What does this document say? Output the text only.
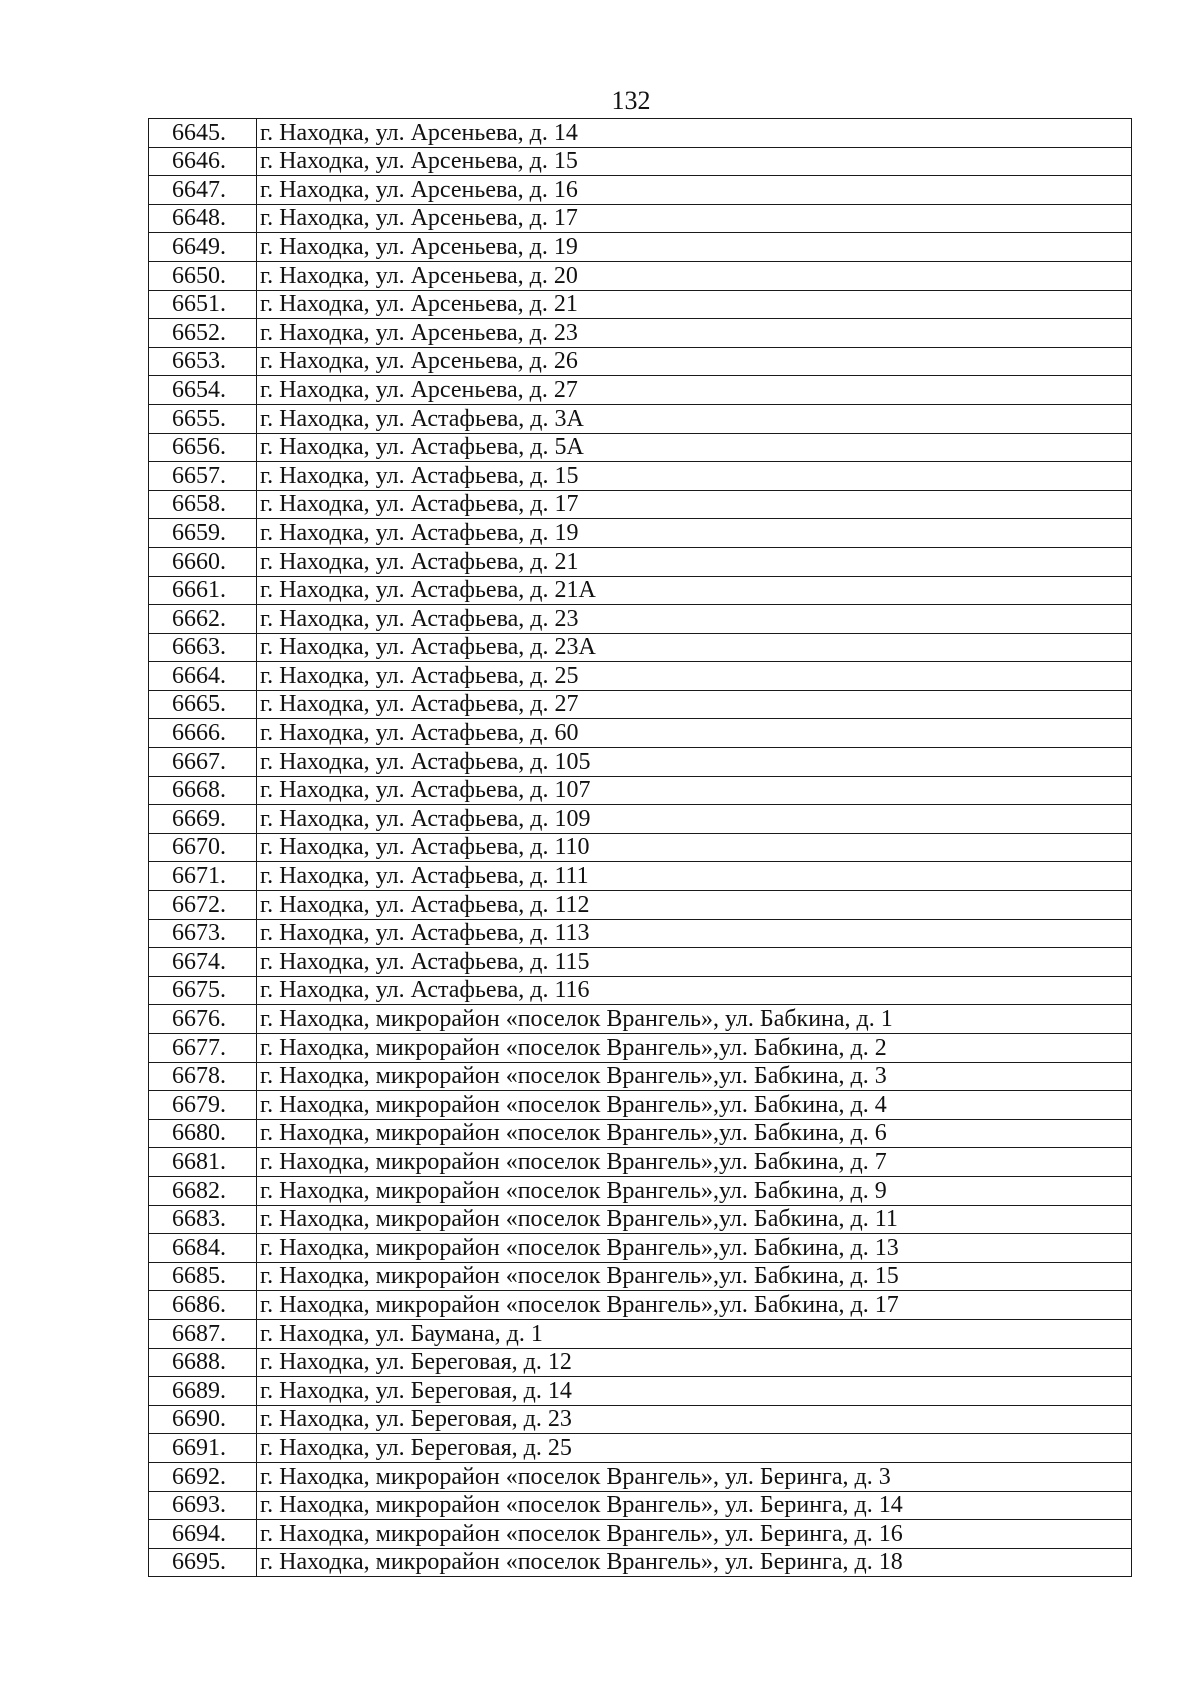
132
6645.	г. Находка, ул. Арсеньева, д. 14
6646.	г. Находка, ул. Арсеньева, д. 15
6647.	г. Находка, ул. Арсеньева, д. 16
6648.	г. Находка, ул. Арсеньева, д. 17
6649.	г. Находка, ул. Арсеньева, д. 19
6650.	г. Находка, ул. Арсеньева, д. 20
6651.	г. Находка, ул. Арсеньева, д. 21
6652.	г. Находка, ул. Арсеньева, д. 23
6653.	г. Находка, ул. Арсеньева, д. 26
6654.	г. Находка, ул. Арсеньева, д. 27
6655.	г. Находка, ул. Астафьева, д. 3А
6656.	г. Находка, ул. Астафьева, д. 5А
6657.	г. Находка, ул. Астафьева, д. 15
6658.	г. Находка, ул. Астафьева, д. 17
6659.	г. Находка, ул. Астафьева, д. 19
6660.	г. Находка, ул. Астафьева, д. 21
6661.	г. Находка, ул. Астафьева, д. 21А
6662.	г. Находка, ул. Астафьева, д. 23
6663.	г. Находка, ул. Астафьева, д. 23А
6664.	г. Находка, ул. Астафьева, д. 25
6665.	г. Находка, ул. Астафьева, д. 27
6666.	г. Находка, ул. Астафьева, д. 60
6667.	г. Находка, ул. Астафьева, д. 105
6668.	г. Находка, ул. Астафьева, д. 107
6669.	г. Находка, ул. Астафьева, д. 109
6670.	г. Находка, ул. Астафьева, д. 110
6671.	г. Находка, ул. Астафьева, д. 111
6672.	г. Находка, ул. Астафьева, д. 112
6673.	г. Находка, ул. Астафьева, д. 113
6674.	г. Находка, ул. Астафьева, д. 115
6675.	г. Находка, ул. Астафьева, д. 116
6676.	г. Находка, микрорайон «поселок Врангель», ул. Бабкина, д. 1
6677.	г. Находка, микрорайон «поселок Врангель»,ул. Бабкина, д. 2
6678.	г. Находка, микрорайон «поселок Врангель»,ул. Бабкина, д. 3
6679.	г. Находка, микрорайон «поселок Врангель»,ул. Бабкина, д. 4
6680.	г. Находка, микрорайон «поселок Врангель»,ул. Бабкина, д. 6
6681.	г. Находка, микрорайон «поселок Врангель»,ул. Бабкина, д. 7
6682.	г. Находка, микрорайон «поселок Врангель»,ул. Бабкина, д. 9
6683.	г. Находка, микрорайон «поселок Врангель»,ул. Бабкина, д. 11
6684.	г. Находка, микрорайон «поселок Врангель»,ул. Бабкина, д. 13
6685.	г. Находка, микрорайон «поселок Врангель»,ул. Бабкина, д. 15
6686.	г. Находка, микрорайон «поселок Врангель»,ул. Бабкина, д. 17
6687.	г. Находка, ул. Баумана, д. 1
6688.	г. Находка, ул. Береговая, д. 12
6689.	г. Находка, ул. Береговая, д. 14
6690.	г. Находка, ул. Береговая, д. 23
6691.	г. Находка, ул. Береговая, д. 25
6692.	г. Находка, микрорайон «поселок Врангель», ул. Беринга, д. 3
6693.	г. Находка, микрорайон «поселок Врангель», ул. Беринга, д. 14
6694.	г. Находка, микрорайон «поселок Врангель», ул. Беринга, д. 16
6695.	г. Находка, микрорайон «поселок Врангель», ул. Беринга, д. 18
